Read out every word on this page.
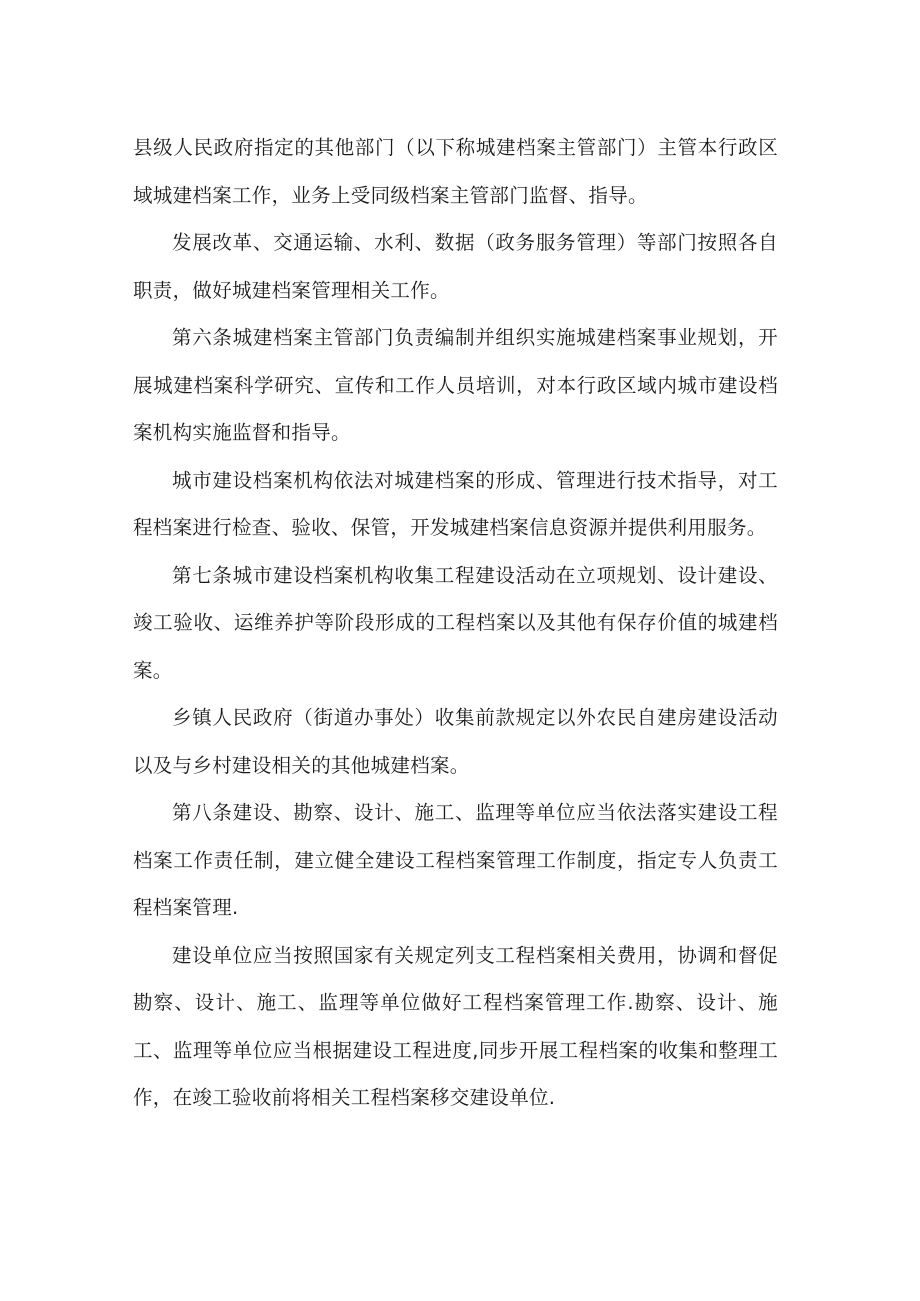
县级人民政府指定的其他部门（以下称城建档案主管部门）主管本行政区域城建档案工作，业务上受同级档案主管部门监督、指导。

发展改革、交通运输、水利、数据（政务服务管理）等部门按照各自职责，做好城建档案管理相关工作。

第六条城建档案主管部门负责编制并组织实施城建档案事业规划，开展城建档案科学研究、宣传和工作人员培训，对本行政区域内城市建设档案机构实施监督和指导。

城市建设档案机构依法对城建档案的形成、管理进行技术指导，对工程档案进行检查、验收、保管，开发城建档案信息资源并提供利用服务。

第七条城市建设档案机构收集工程建设活动在立项规划、设计建设、竣工验收、运维养护等阶段形成的工程档案以及其他有保存价值的城建档案。

乡镇人民政府（街道办事处）收集前款规定以外农民自建房建设活动以及与乡村建设相关的其他城建档案。

第八条建设、勘察、设计、施工、监理等单位应当依法落实建设工程档案工作责任制，建立健全建设工程档案管理工作制度，指定专人负责工程档案管理.

建设单位应当按照国家有关规定列支工程档案相关费用，协调和督促勘察、设计、施工、监理等单位做好工程档案管理工作.勘察、设计、施工、监理等单位应当根据建设工程进度,同步开展工程档案的收集和整理工作，在竣工验收前将相关工程档案移交建设单位.
